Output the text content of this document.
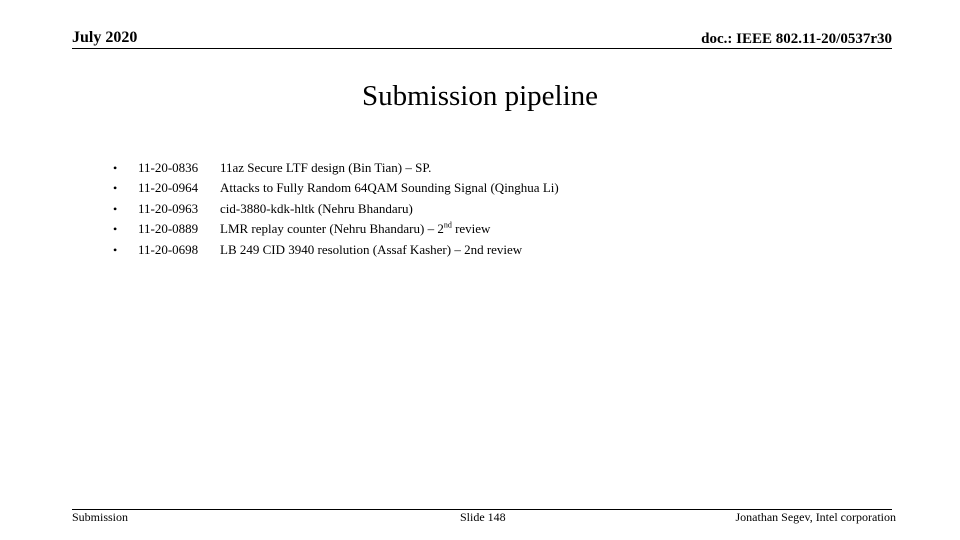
July 2020	doc.: IEEE 802.11-20/0537r30
Submission pipeline
• 11-20-0836 11az Secure LTF design (Bin Tian) – SP.
• 11-20-0964 Attacks to Fully Random 64QAM Sounding Signal (Qinghua Li)
• 11-20-0963 cid-3880-kdk-hltk (Nehru Bhandaru)
• 11-20-0889 LMR replay counter (Nehru Bhandaru) – 2nd review
• 11-20-0698 LB 249 CID 3940 resolution (Assaf Kasher) – 2nd review
Submission	Slide 148	Jonathan Segev, Intel corporation
